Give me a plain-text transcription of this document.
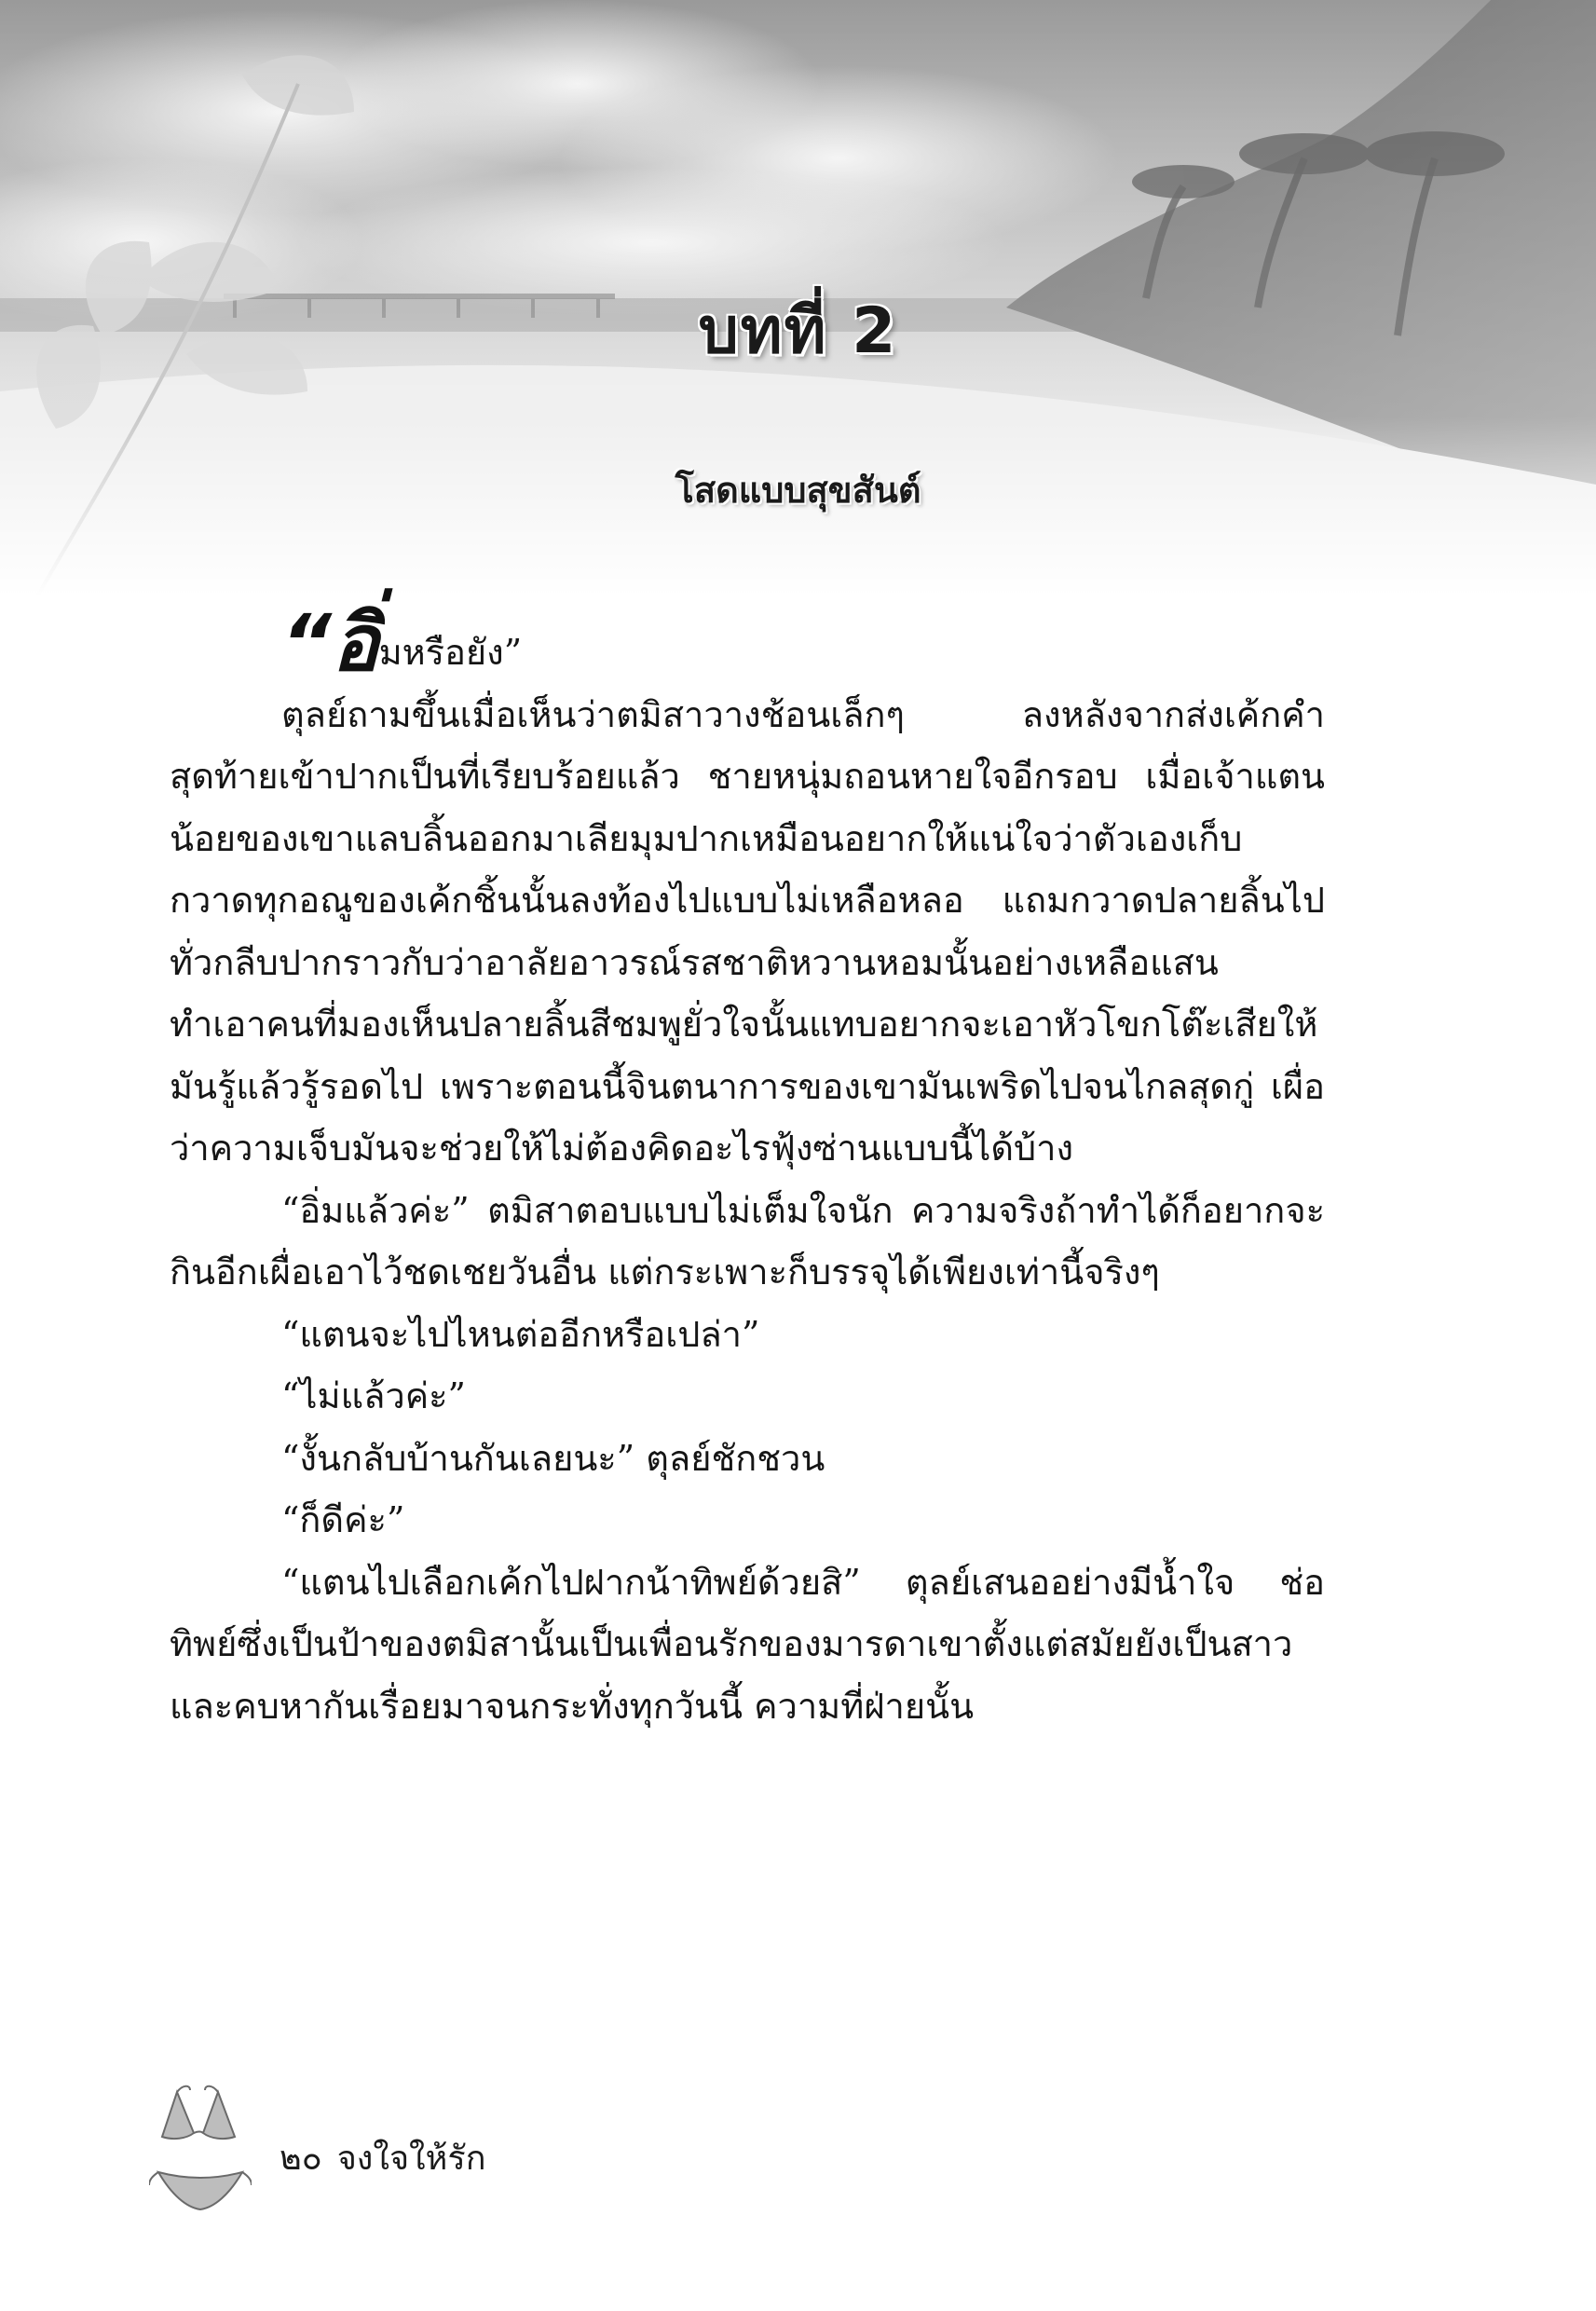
บทที่ 2
โสดแบบสุขสันต์

“อิ่มหรือยัง”

ตุลย์ถามขึ้นเมื่อเห็นว่าตมิสาวางช้อนเล็กๆ ลงหลังจากส่งเค้กคำสุดท้ายเข้าปากเป็นที่เรียบร้อยแล้ว ชายหนุ่มถอนหายใจอีกรอบ เมื่อเจ้าแตนน้อยของเขาแลบลิ้นออกมาเลียมุมปากเหมือนอยากให้แน่ใจว่าตัวเองเก็บกวาดทุกอณูของเค้กชิ้นนั้นลงท้องไปแบบไม่เหลือหลอ แถมกวาดปลายลิ้นไปทั่วกลีบปากราวกับว่าอาลัยอาวรณ์รสชาติหวานหอมนั้นอย่างเหลือแสน ทำเอาคนที่มองเห็นปลายลิ้นสีชมพูยั่วใจนั้นแทบอยากจะเอาหัวโขกโต๊ะเสียให้มันรู้แล้วรู้รอดไป เพราะตอนนี้จินตนาการของเขามันเพริดไปจนไกลสุดกู่ เผื่อว่าความเจ็บมันจะช่วยให้ไม่ต้องคิดอะไรฟุ้งซ่านแบบนี้ได้บ้าง

“อิ่มแล้วค่ะ” ตมิสาตอบแบบไม่เต็มใจนัก ความจริงถ้าทำได้ก็อยากจะกินอีกเผื่อเอาไว้ชดเชยวันอื่น แต่กระเพาะก็บรรจุได้เพียงเท่านี้จริงๆ

“แตนจะไปไหนต่ออีกหรือเปล่า”

“ไม่แล้วค่ะ”

“งั้นกลับบ้านกันเลยนะ” ตุลย์ชักชวน

“ก็ดีค่ะ”

“แตนไปเลือกเค้กไปฝากน้าทิพย์ด้วยสิ” ตุลย์เสนออย่างมีน้ำใจ ช่อทิพย์ซึ่งเป็นป้าของตมิสานั้นเป็นเพื่อนรักของมารดาเขาตั้งแต่สมัยยังเป็นสาวและคบหากันเรื่อยมาจนกระทั่งทุกวันนี้ ความที่ฝ่ายนั้น

๒๐ จงใจให้รัก
